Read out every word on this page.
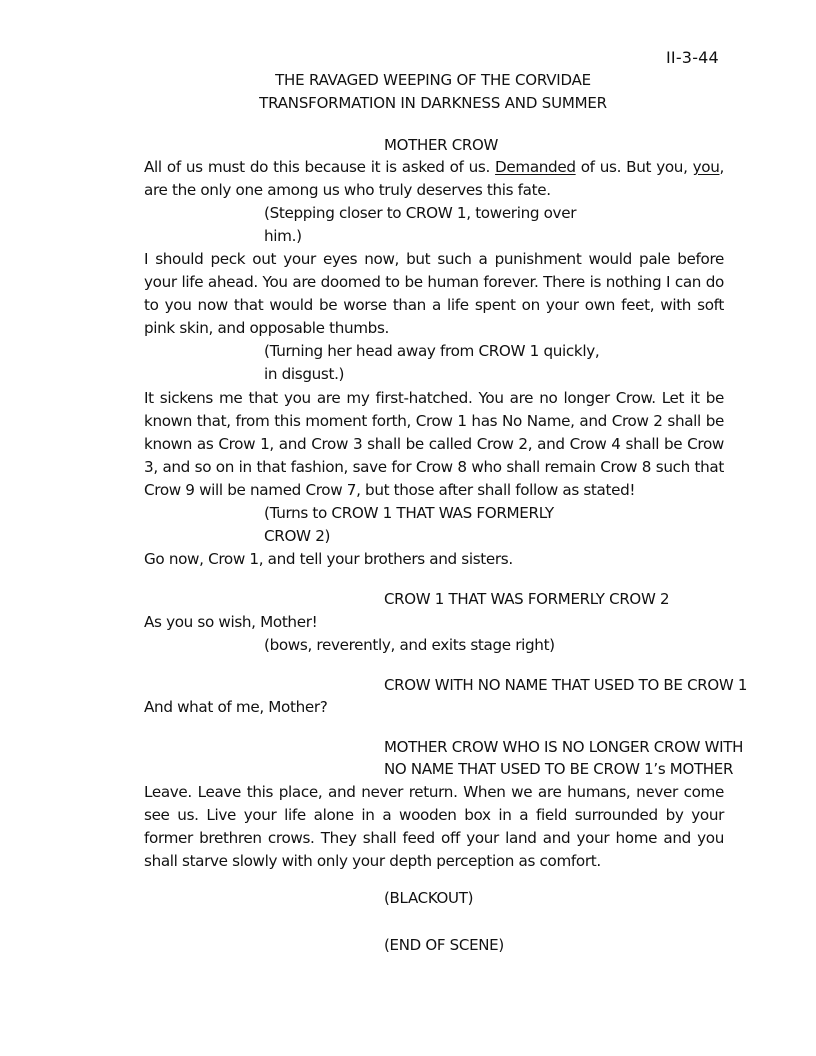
II-3-44
THE RAVAGED WEEPING OF THE CORVIDAE
TRANSFORMATION IN DARKNESS AND SUMMER
MOTHER CROW
All of us must do this because it is asked of us. Demanded of us. But you, you, are the only one among us who truly deserves this fate.
(Stepping closer to CROW 1, towering over
him.)
I should peck out your eyes now, but such a punishment would pale before your life ahead. You are doomed to be human forever. There is nothing I can do to you now that would be worse than a life spent on your own feet, with soft pink skin, and opposable thumbs.
(Turning her head away from CROW 1 quickly,
in disgust.)
It sickens me that you are my first-hatched. You are no longer Crow. Let it be known that, from this moment forth, Crow 1 has No Name, and Crow 2 shall be known as Crow 1, and Crow 3 shall be called Crow 2, and Crow 4 shall be Crow 3, and so on in that fashion, save for Crow 8 who shall remain Crow 8 such that Crow 9 will be named Crow 7, but those after shall follow as stated!
(Turns to CROW 1 THAT WAS FORMERLY
CROW 2)
Go now, Crow 1, and tell your brothers and sisters.
CROW 1 THAT WAS FORMERLY CROW 2
As you so wish, Mother!
(bows, reverently, and exits stage right)
CROW WITH NO NAME THAT USED TO BE CROW 1
And what of me, Mother?
MOTHER CROW WHO IS NO LONGER CROW WITH
NO NAME THAT USED TO BE CROW 1’s MOTHER
Leave. Leave this place, and never return. When we are humans, never come see us. Live your life alone in a wooden box in a field surrounded by your former brethren crows. They shall feed off your land and your home and you shall starve slowly with only your depth perception as comfort.
(BLACKOUT)
(END OF SCENE)
